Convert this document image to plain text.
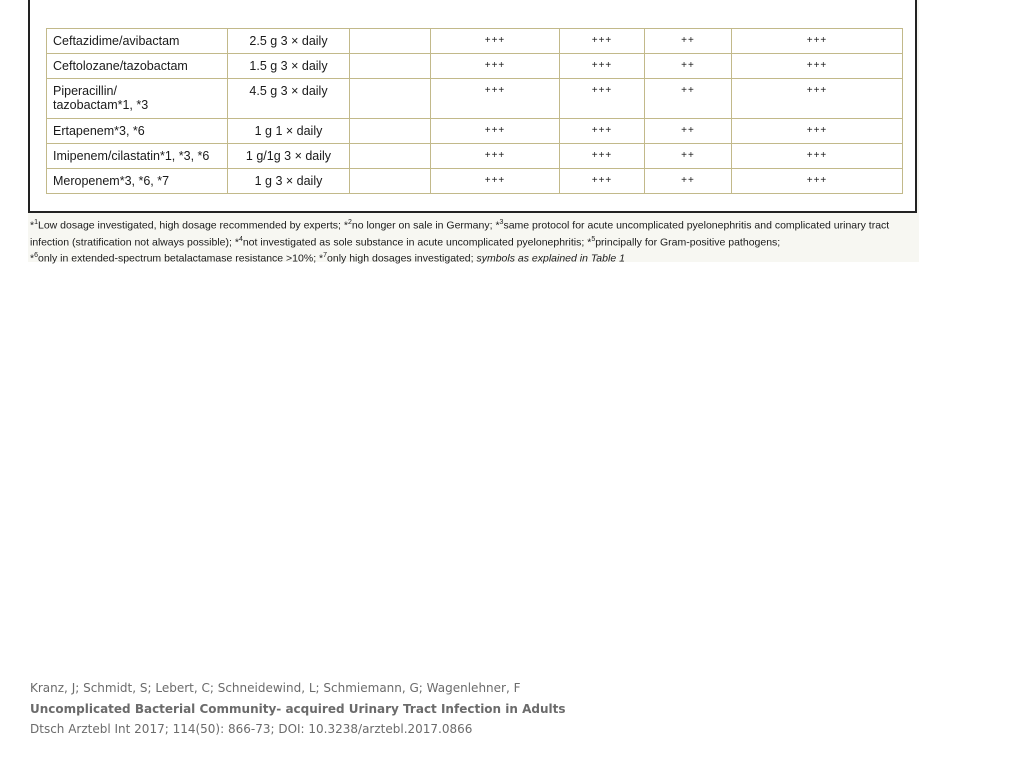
Ceftazidime/avibactam	2.5 g 3 × daily		+++	+++	++	+++
Ceftolozane/tazobactam	1.5 g 3 × daily		+++	+++	++	+++
Piperacillin/
tazobactam*1, *3	4.5 g 3 × daily		+++	+++	++	+++
Ertapenem*3, *6	1 g 1 × daily		+++	+++	++	+++
Imipenem/cilastatin*1, *3, *6	1 g/1g 3 × daily		+++	+++	++	+++
Meropenem*3, *6, *7	1 g 3 × daily		+++	+++	++	+++
*$^1$Low dosage investigated, high dosage recommended by experts; *$^2$no longer on sale in Germany; *$^3$same protocol for acute uncomplicated pyelonephritis and complicated urinary tract infection (stratification not always possible); *$^4$not investigated as sole substance in acute uncomplicated pyelonephritis; *$^5$principally for Gram-positive pathogens;
*$^6$only in extended-spectrum betalactamase resistance >10%; *$^7$only high dosages investigated; symbols as explained in Table 1
Kranz, J; Schmidt, S; Lebert, C; Schneidewind, L; Schmiemann, G; Wagenlehner, F
Uncomplicated Bacterial Community- acquired Urinary Tract Infection in Adults
Dtsch Arztebl Int 2017; 114(50): 866-73; DOI: 10.3238/arztebl.2017.0866
